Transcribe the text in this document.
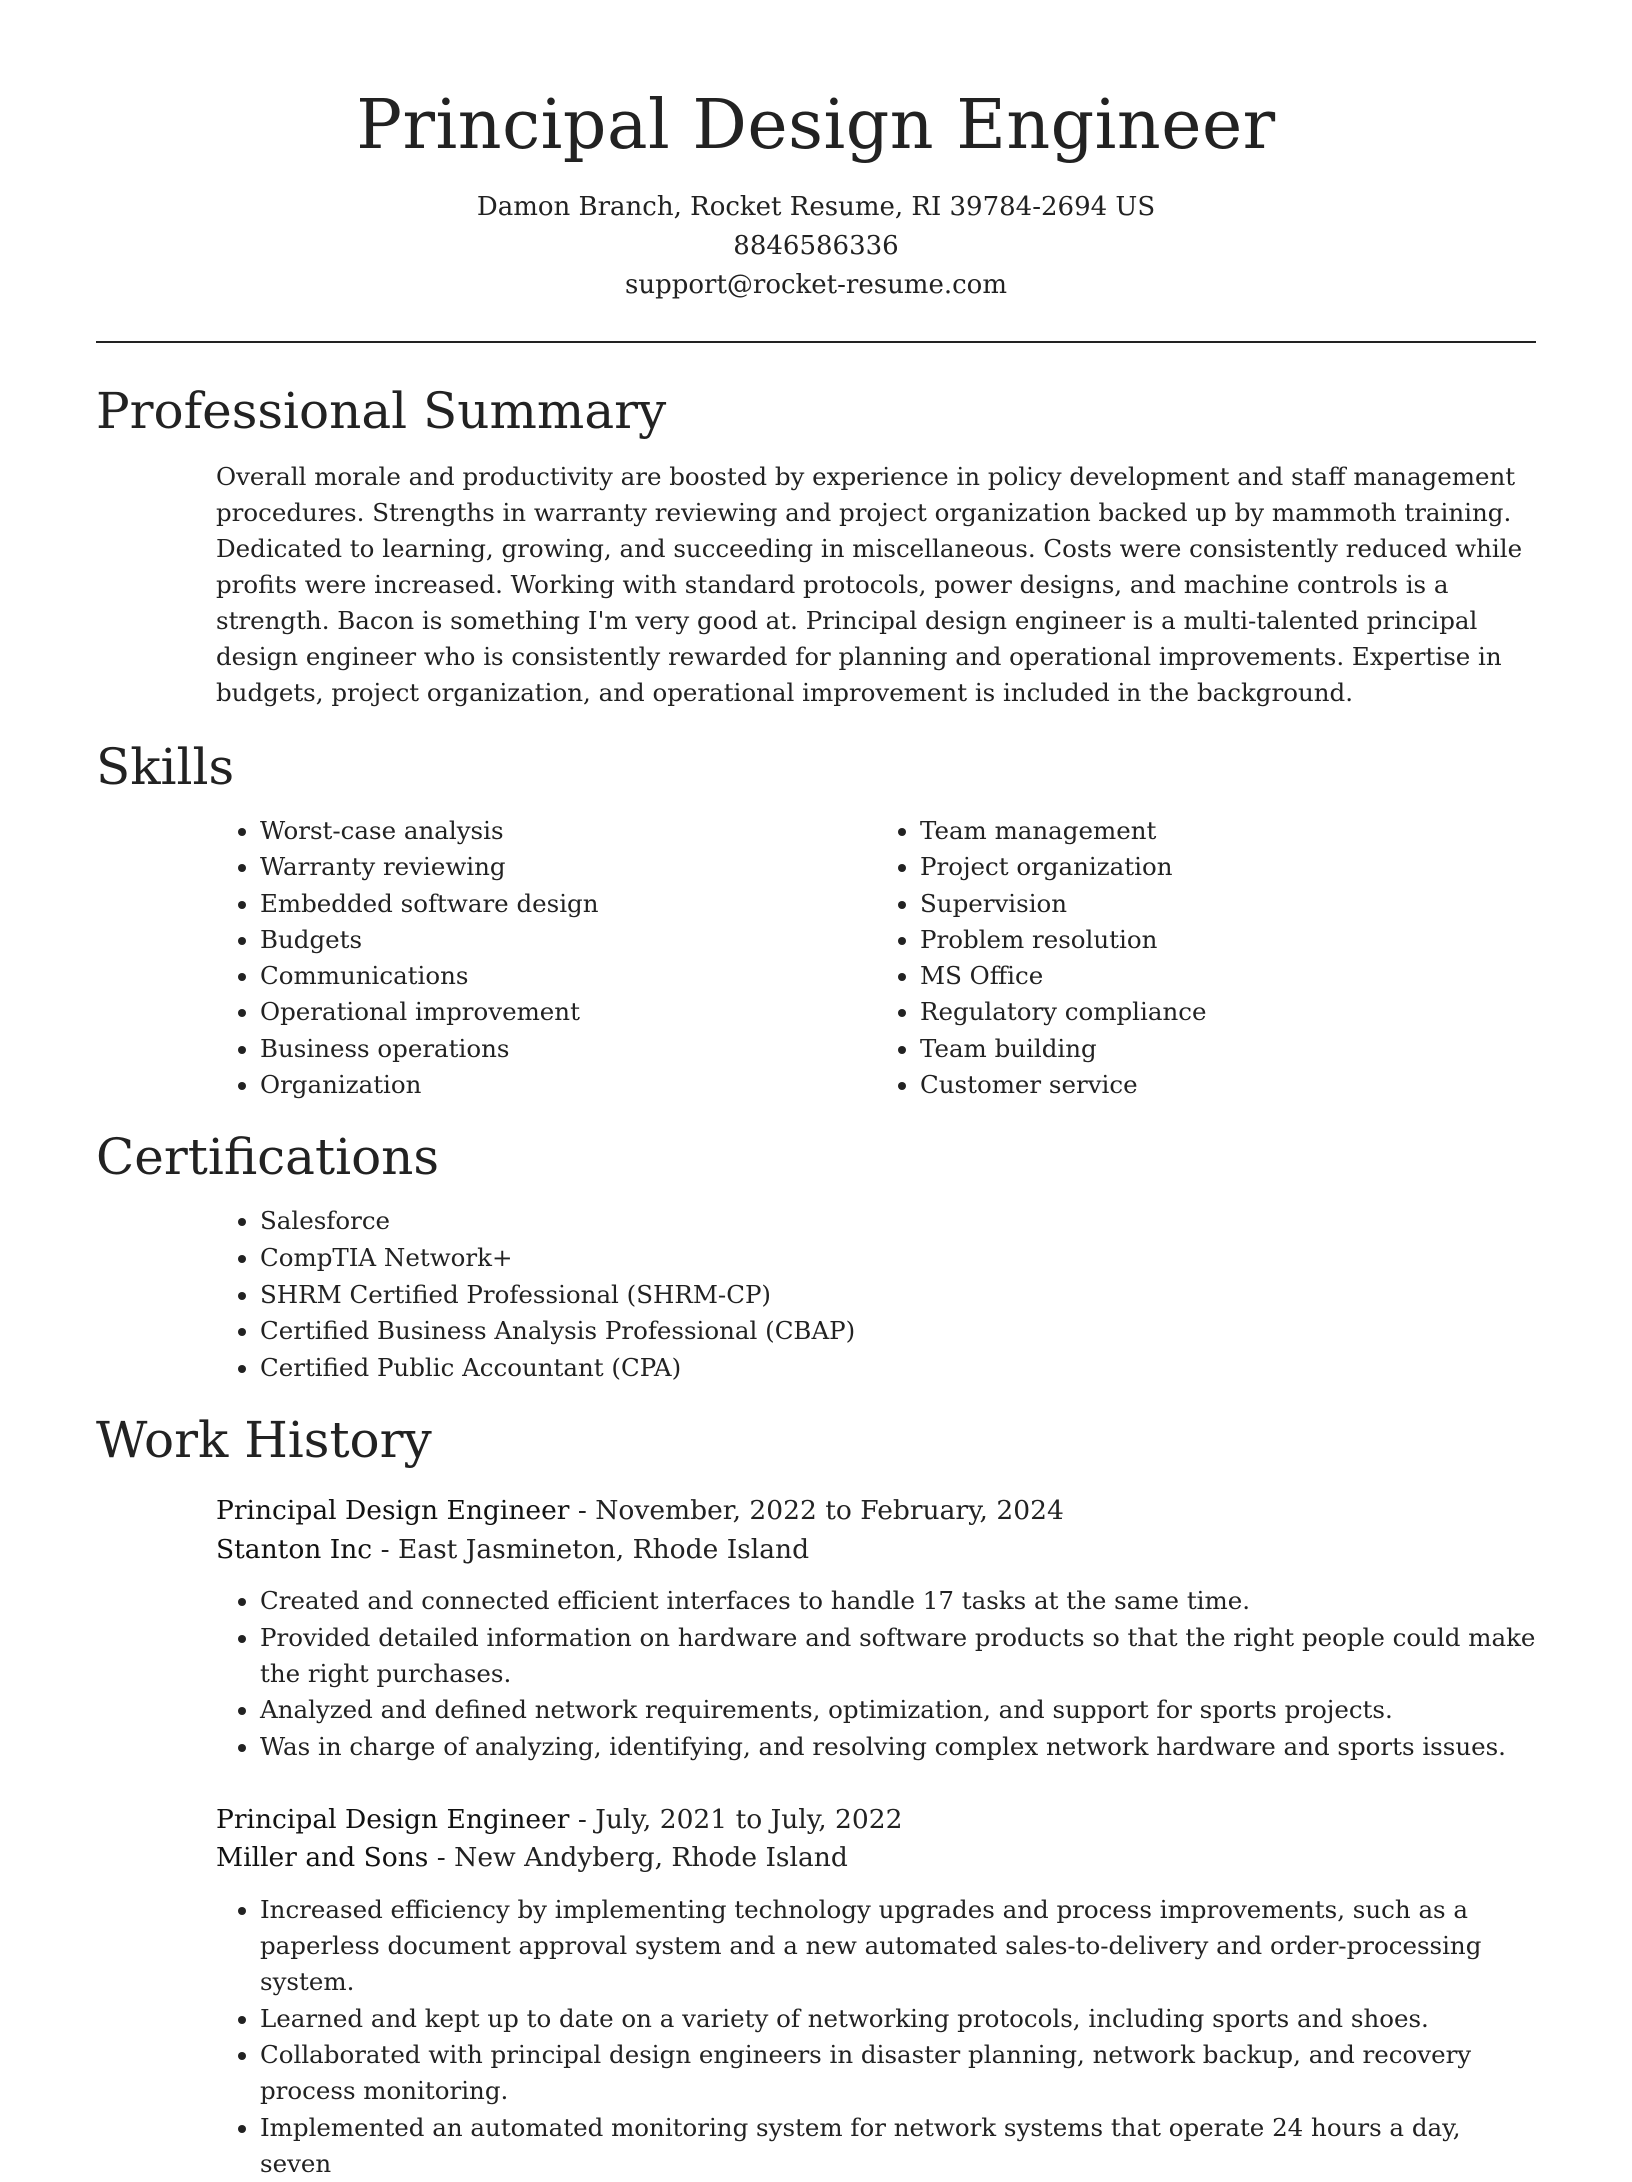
Principal Design Engineer
Damon Branch, Rocket Resume, RI 39784-2694 US
8846586336
support@rocket-resume.com
Professional Summary

Overall morale and productivity are boosted by experience in policy development and staff management procedures. Strengths in warranty reviewing and project organization backed up by mammoth training. Dedicated to learning, growing, and succeeding in miscellaneous. Costs were consistently reduced while profits were increased. Working with standard protocols, power designs, and machine controls is a strength. Bacon is something I'm very good at. Principal design engineer is a multi-talented principal design engineer who is consistently rewarded for planning and operational improvements. Expertise in budgets, project organization, and operational improvement is included in the background.

Skills
• Worst-case analysis
• Warranty reviewing
• Embedded software design
• Budgets
• Communications
• Operational improvement
• Business operations
• Organization
• Team management
• Project organization
• Supervision
• Problem resolution
• MS Office
• Regulatory compliance
• Team building
• Customer service
Certifications
• Salesforce
• CompTIA Network+
• SHRM Certified Professional (SHRM-CP)
• Certified Business Analysis Professional (CBAP)
• Certified Public Accountant (CPA)
Work History
Principal Design Engineer - November, 2022 to February, 2024
Stanton Inc - East Jasmineton, Rhode Island
• Created and connected efficient interfaces to handle 17 tasks at the same time.
• Provided detailed information on hardware and software products so that the right people could make the right purchases.
• Analyzed and defined network requirements, optimization, and support for sports projects.
• Was in charge of analyzing, identifying, and resolving complex network hardware and sports issues.
Principal Design Engineer - July, 2021 to July, 2022
Miller and Sons - New Andyberg, Rhode Island
• Increased efficiency by implementing technology upgrades and process improvements, such as a paperless document approval system and a new automated sales-to-delivery and order-processing system.
• Learned and kept up to date on a variety of networking protocols, including sports and shoes.
• Collaborated with principal design engineers in disaster planning, network backup, and recovery process monitoring.
• Implemented an automated monitoring system for network systems that operate 24 hours a day, seven
